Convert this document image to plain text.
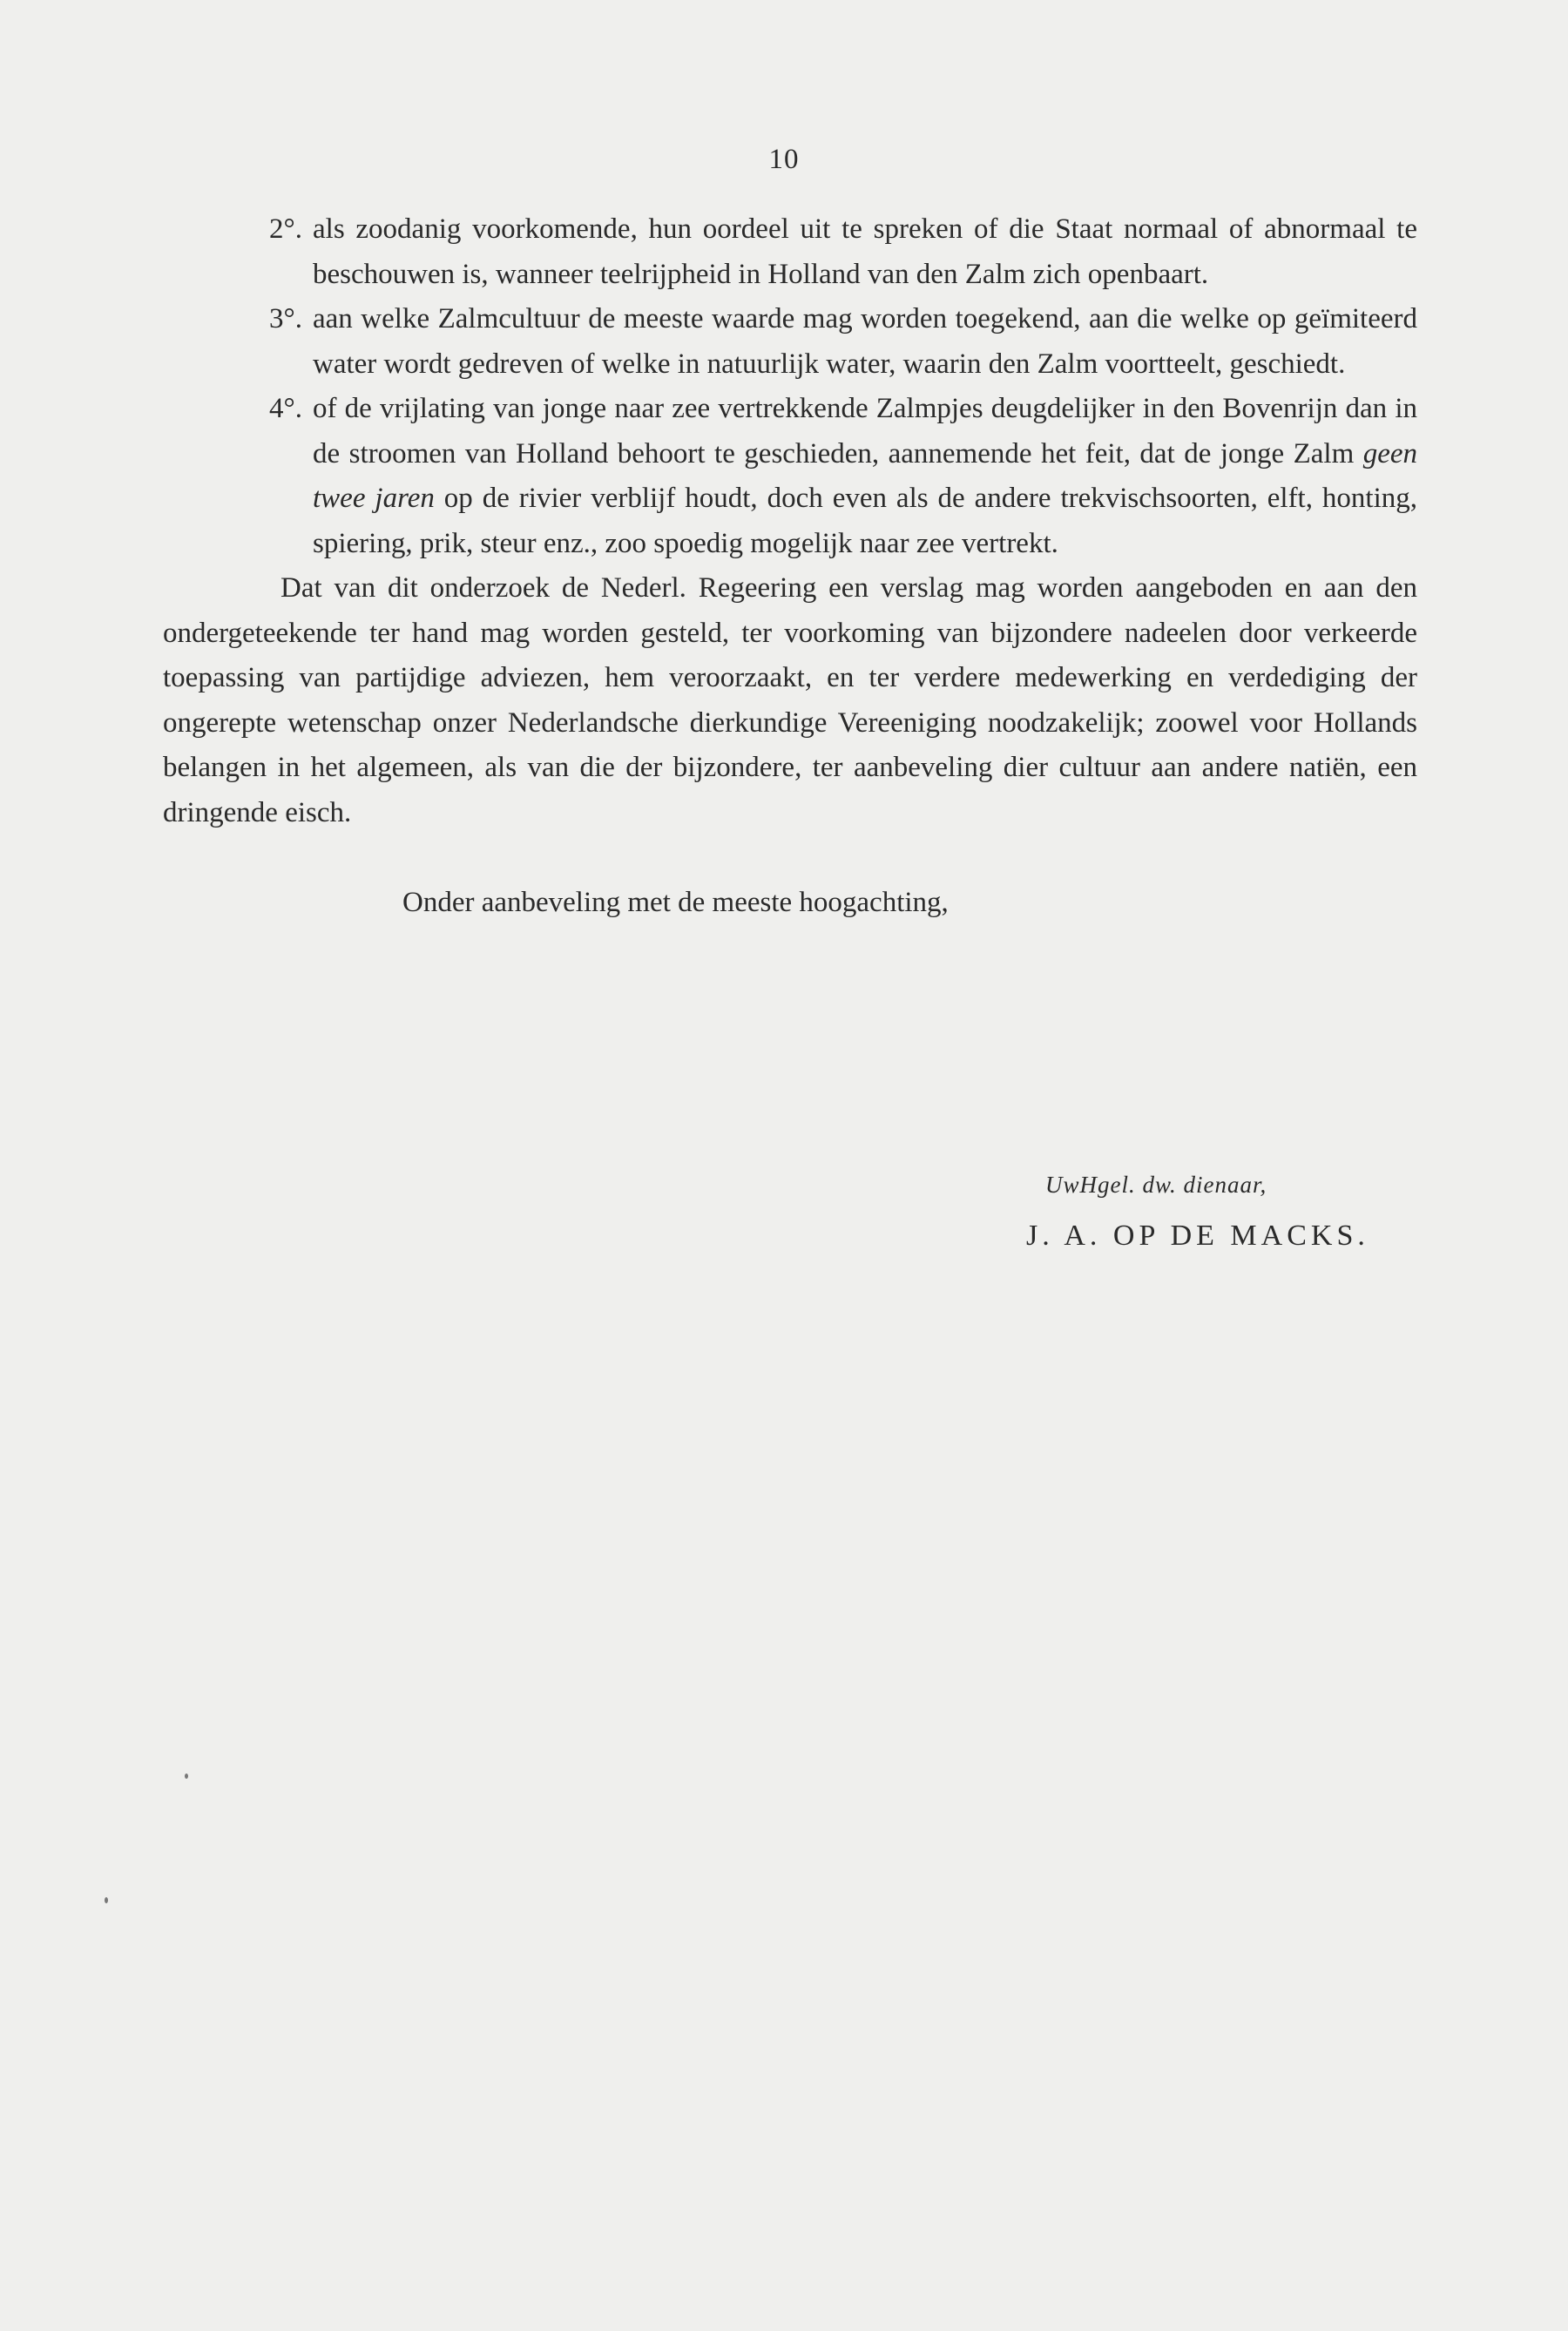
10
2°. als zoodanig voorkomende, hun oordeel uit te spreken of die Staat normaal of abnormaal te beschouwen is, wanneer teelrijpheid in Holland van den Zalm zich openbaart.
3°. aan welke Zalmcultuur de meeste waarde mag worden toegekend, aan die welke op geïmiteerd water wordt gedreven of welke in natuurlijk water, waarin den Zalm voortteelt, geschiedt.
4°. of de vrijlating van jonge naar zee vertrekkende Zalmpjes deugdelijker in den Bovenrijn dan in de stroomen van Holland behoort te geschieden, aannemende het feit, dat de jonge Zalm geen twee jaren op de rivier verblijf houdt, doch even als de andere trekvischsoorten, elft, honting, spiering, prik, steur enz., zoo spoedig mogelijk naar zee vertrekt.
Dat van dit onderzoek de Nederl. Regeering een verslag mag worden aangeboden en aan den ondergeteekende ter hand mag worden gesteld, ter voorkoming van bijzondere nadeelen door verkeerde toepassing van partijdige adviezen, hem veroorzaakt, en ter verdere medewerking en verdediging der ongerepte wetenschap onzer Nederlandsche dierkundige Vereeniging noodzakelijk; zoowel voor Hollands belangen in het algemeen, als van die der bijzondere, ter aanbeveling dier cultuur aan andere natiën, een dringende eisch.
Onder aanbeveling met de meeste hoogachting,
UwHgel. dw. dienaar,
J. A. OP DE MACKS.
